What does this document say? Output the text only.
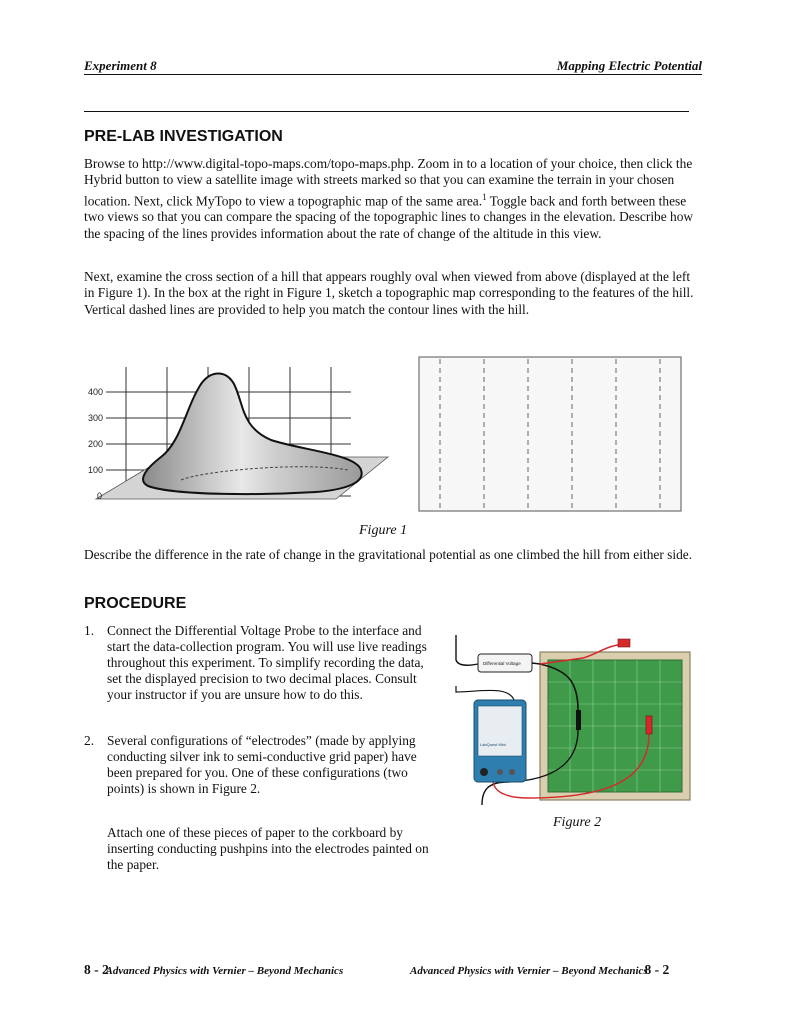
Experiment 8	Mapping Electric Potential
PRE-LAB INVESTIGATION

Browse to http://www.digital-topo-maps.com/topo-maps.php. Zoom in to a location of your choice, then click the Hybrid button to view a satellite image with streets marked so that you can examine the terrain in your chosen location. Next, click MyTopo to view a topographic map of the same area.$^1$ Toggle back and forth between these two views so that you can compare the spacing of the topographic lines to changes in the elevation. Describe how the spacing of the lines provides information about the rate of change of the altitude in this view.

Next, examine the cross section of a hill that appears roughly oval when viewed from above (displayed at the left in Figure 1). In the box at the right in Figure 1, sketch a topographic map corresponding to the features of the hill. Vertical dashed lines are provided to help you match the contour lines with the hill.

400
300
200
100
0
Figure 1

Describe the difference in the rate of change in the gravitational potential as one climbed the hill from either side.

PROCEDURE
1. Connect the Differential Voltage Probe to the interface and start the data-collection program. You will use live readings throughout this experiment. To simplify recording the data, set the displayed precision to two decimal places. Consult your instructor if you are unsure how to do this.
2. Several configurations of “electrodes” (made by applying conducting silver ink to semi-conductive grid paper) have been prepared for you. One of these configurations (two points) is shown in Figure 2.
Attach one of these pieces of paper to the corkboard by inserting conducting pushpins into the electrodes painted on the paper.
Differential Voltage
LabQuest Mini
Figure 2
8 - 2 Advanced Physics with Vernier – Beyond Mechanics	Advanced Physics with Vernier – Beyond Mechanics 8 - 2
